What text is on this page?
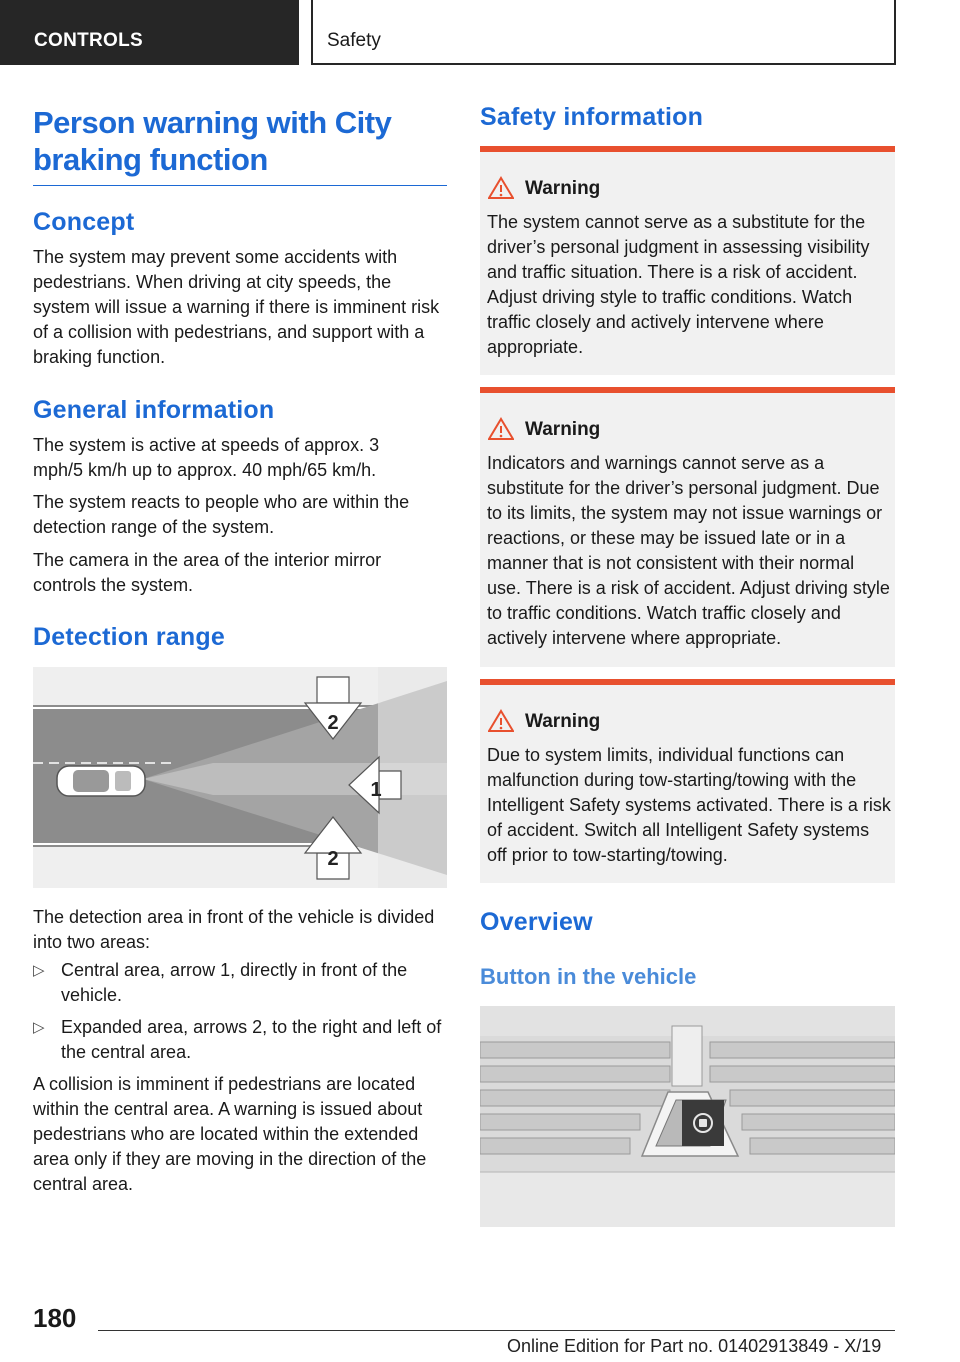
CONTROLS	Safety
Person warning with City braking function
Concept

The system may prevent some accidents with pedestrians. When driving at city speeds, the system will issue a warning if there is imminent risk of a collision with pedestrians, and support with a braking function.

General information

The system is active at speeds of approx. 3 mph/5 km/h up to approx. 40 mph/65 km/h.

The system reacts to people who are within the detection range of the system.

The camera in the area of the interior mirror controls the system.

Detection range
2
1
2

The detection area in front of the vehicle is divided into two areas:

▷ Central area, arrow 1, directly in front of the vehicle.
▷ Expanded area, arrows 2, to the right and left of the central area.

A collision is imminent if pedestrians are located within the central area. A warning is issued about pedestrians who are located within the extended area only if they are moving in the direction of the central area.

Safety information
Warning
The system cannot serve as a substitute for the driver’s personal judgment in assessing visibility and traffic situation. There is a risk of accident. Adjust driving style to traffic conditions. Watch traffic closely and actively intervene where appropriate.
Warning
Indicators and warnings cannot serve as a substitute for the driver’s personal judgment. Due to its limits, the system may not issue warnings or reactions, or these may be issued late or in a manner that is not consistent with their normal use. There is a risk of accident. Adjust driving style to traffic conditions. Watch traffic closely and actively intervene where appropriate.
Warning
Due to system limits, individual functions can malfunction during tow-starting/towing with the Intelligent Safety systems activated. There is a risk of accident. Switch all Intelligent Safety systems off prior to tow-starting/towing.
Overview
Button in the vehicle
180
Online Edition for Part no. 01402913849 - X/19
